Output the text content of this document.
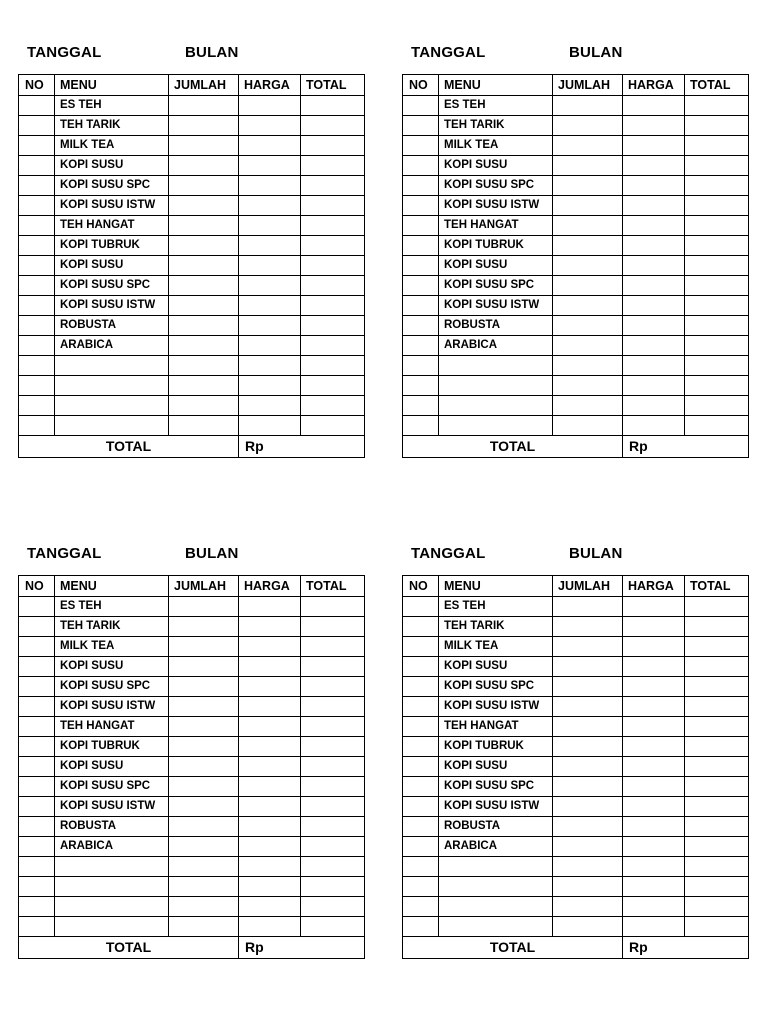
TANGGAL	BULAN
NO	MENU	JUMLAH	HARGA	TOTAL
	ES TEH			
	TEH TARIK			
	MILK TEA			
	KOPI SUSU			
	KOPI SUSU SPC			
	KOPI SUSU ISTW			
	TEH HANGAT			
	KOPI TUBRUK			
	KOPI SUSU			
	KOPI SUSU SPC			
	KOPI SUSU ISTW			
	ROBUSTA			
	ARABICA			

TOTAL			Rp	
TANGGAL	BULAN
NO	MENU	JUMLAH	HARGA	TOTAL
	ES TEH			
	TEH TARIK			
	MILK TEA			
	KOPI SUSU			
	KOPI SUSU SPC			
	KOPI SUSU ISTW			
	TEH HANGAT			
	KOPI TUBRUK			
	KOPI SUSU			
	KOPI SUSU SPC			
	KOPI SUSU ISTW			
	ROBUSTA			
	ARABICA			

TOTAL			Rp	
TANGGAL	BULAN
NO	MENU	JUMLAH	HARGA	TOTAL
	ES TEH			
	TEH TARIK			
	MILK TEA			
	KOPI SUSU			
	KOPI SUSU SPC			
	KOPI SUSU ISTW			
	TEH HANGAT			
	KOPI TUBRUK			
	KOPI SUSU			
	KOPI SUSU SPC			
	KOPI SUSU ISTW			
	ROBUSTA			
	ARABICA			

TOTAL			Rp	
TANGGAL	BULAN
NO	MENU	JUMLAH	HARGA	TOTAL
	ES TEH			
	TEH TARIK			
	MILK TEA			
	KOPI SUSU			
	KOPI SUSU SPC			
	KOPI SUSU ISTW			
	TEH HANGAT			
	KOPI TUBRUK			
	KOPI SUSU			
	KOPI SUSU SPC			
	KOPI SUSU ISTW			
	ROBUSTA			
	ARABICA			

TOTAL			Rp	
